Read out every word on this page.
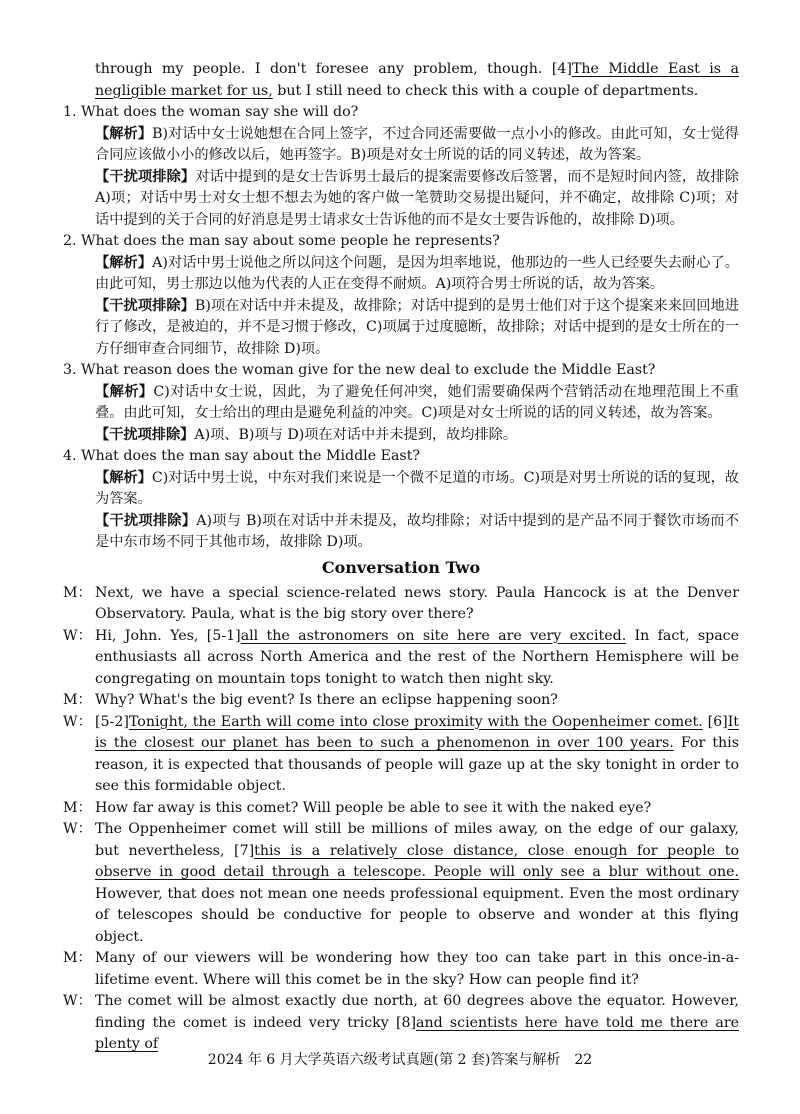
through my people. I don't foresee any problem, though. [4]The Middle East is a negligible market for us, but I still need to check this with a couple of departments.
1. What does the woman say she will do?
【解析】B)对话中女士说她想在合同上签字，不过合同还需要做一点小小的修改。由此可知，女士觉得合同应该做小小的修改以后，她再签字。B)项是对女士所说的话的同义转述，故为答案。
【干扰项排除】对话中提到的是女士告诉男士最后的提案需要修改后签署，而不是短时间内签，故排除 A)项；对话中男士对女士想不想去为她的客户做一笔赞助交易提出疑问，并不确定，故排除 C)项；对话中提到的关于合同的好消息是男士请求女士告诉他的而不是女士要告诉他的，故排除 D)项。
2. What does the man say about some people he represents?
【解析】A)对话中男士说他之所以问这个问题，是因为坦率地说，他那边的一些人已经要失去耐心了。由此可知，男士那边以他为代表的人正在变得不耐烦。A)项符合男士所说的话，故为答案。
【干扰项排除】B)项在对话中并未提及，故排除；对话中提到的是男士他们对于这个提案来来回回地进行了修改，是被迫的，并不是习惯于修改，C)项属于过度臆断，故排除；对话中提到的是女士所在的一方仔细审查合同细节，故排除 D)项。
3. What reason does the woman give for the new deal to exclude the Middle East?
【解析】C)对话中女士说，因此，为了避免任何冲突，她们需要确保两个营销活动在地理范围上不重叠。由此可知，女士给出的理由是避免利益的冲突。C)项是对女士所说的话的同义转述，故为答案。
【干扰项排除】A)项、B)项与 D)项在对话中并未提到，故均排除。
4. What does the man say about the Middle East?
【解析】C)对话中男士说，中东对我们来说是一个微不足道的市场。C)项是对男士所说的话的复现，故为答案。
【干扰项排除】A)项与 B)项在对话中并未提及，故均排除；对话中提到的是产品不同于餐饮市场而不是中东市场不同于其他市场，故排除 D)项。
Conversation Two
M： Next, we have a special science-related news story. Paula Hancock is at the Denver Observatory. Paula, what is the big story over there?
W： Hi, John. Yes, [5-1]all the astronomers on site here are very excited. In fact, space enthusiasts all across North America and the rest of the Northern Hemisphere will be congregating on mountain tops tonight to watch then night sky.
M： Why? What's the big event? Is there an eclipse happening soon?
W： [5-2]Tonight, the Earth will come into close proximity with the Oopenheimer comet. [6]It is the closest our planet has been to such a phenomenon in over 100 years. For this reason, it is expected that thousands of people will gaze up at the sky tonight in order to see this formidable object.
M： How far away is this comet? Will people be able to see it with the naked eye?
W： The Oppenheimer comet will still be millions of miles away, on the edge of our galaxy, but nevertheless, [7]this is a relatively close distance, close enough for people to observe in good detail through a telescope. People will only see a blur without one. However, that does not mean one needs professional equipment. Even the most ordinary of telescopes should be conductive for people to observe and wonder at this flying object.
M： Many of our viewers will be wondering how they too can take part in this once-in-a-lifetime event. Where will this comet be in the sky? How can people find it?
W： The comet will be almost exactly due north, at 60 degrees above the equator. However, finding the comet is indeed very tricky [8]and scientists here have told me there are plenty of
2024 年 6 月大学英语六级考试真题(第 2 套)答案与解析　22
